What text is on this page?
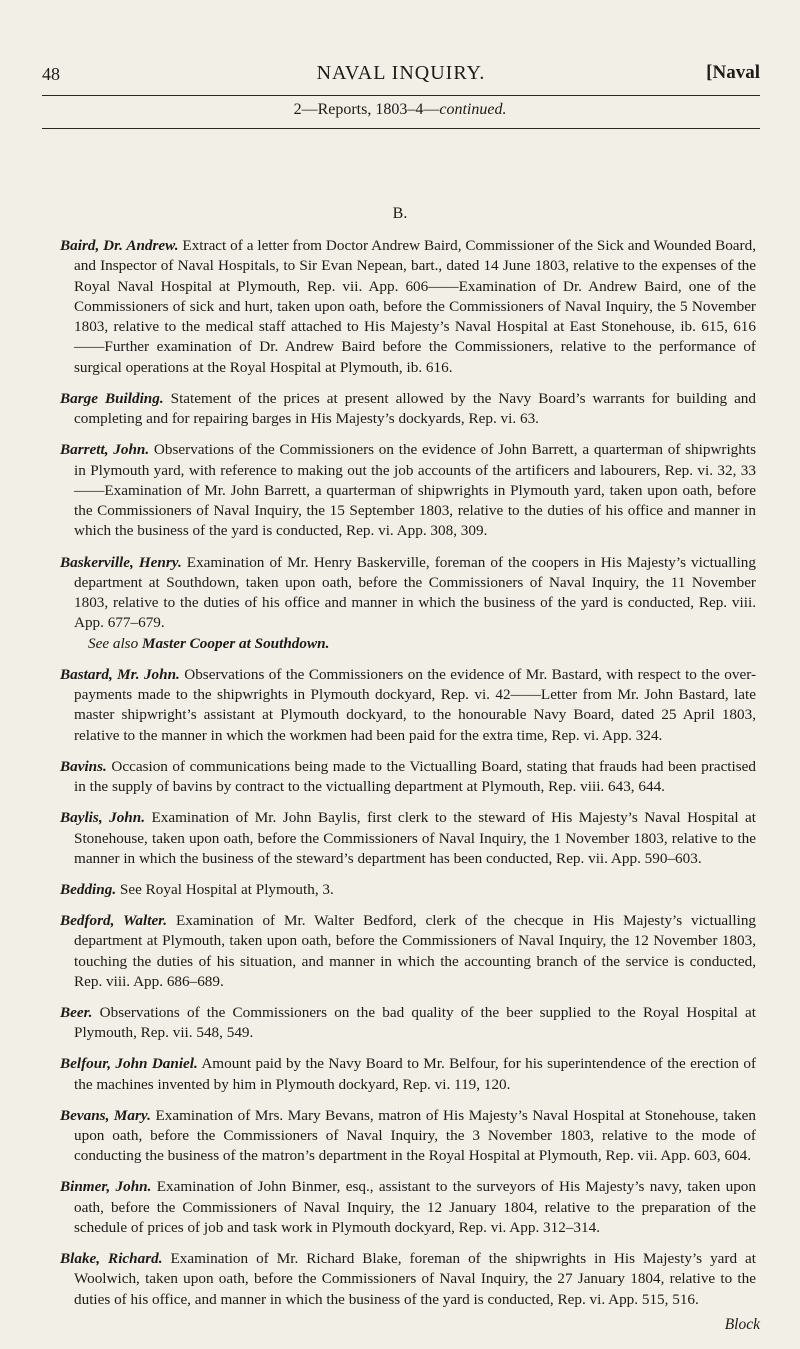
48	NAVAL INQUIRY.	[Naval
2—Reports, 1803–4—continued.
B.

Baird, Dr. Andrew. Extract of a letter from Doctor Andrew Baird, Commissioner of the Sick and Wounded Board, and Inspector of Naval Hospitals, to Sir Evan Nepean, bart., dated 14 June 1803, relative to the expenses of the Royal Naval Hospital at Plymouth, Rep. vii. App. 606——Examination of Dr. Andrew Baird, one of the Commissioners of sick and hurt, taken upon oath, before the Commissioners of Naval Inquiry, the 5 November 1803, relative to the medical staff attached to His Majesty’s Naval Hospital at East Stonehouse, ib. 615, 616——Further examination of Dr. Andrew Baird before the Commissioners, relative to the performance of surgical operations at the Royal Hospital at Plymouth, ib. 616.

Barge Building. Statement of the prices at present allowed by the Navy Board’s warrants for building and completing and for repairing barges in His Majesty’s dockyards, Rep. vi. 63.

Barrett, John. Observations of the Commissioners on the evidence of John Barrett, a quarterman of shipwrights in Plymouth yard, with reference to making out the job accounts of the artificers and labourers, Rep. vi. 32, 33——Examination of Mr. John Barrett, a quarterman of shipwrights in Plymouth yard, taken upon oath, before the Commissioners of Naval Inquiry, the 15 September 1803, relative to the duties of his office and manner in which the business of the yard is conducted, Rep. vi. App. 308, 309.

Baskerville, Henry. Examination of Mr. Henry Baskerville, foreman of the coopers in His Majesty’s victualling department at Southdown, taken upon oath, before the Commissioners of Naval Inquiry, the 11 November 1803, relative to the duties of his office and manner in which the business of the yard is conducted, Rep. viii. App. 677–679.
See also Master Cooper at Southdown.

Bastard, Mr. John. Observations of the Commissioners on the evidence of Mr. Bastard, with respect to the over-payments made to the shipwrights in Plymouth dockyard, Rep. vi. 42——Letter from Mr. John Bastard, late master shipwright’s assistant at Plymouth dockyard, to the honourable Navy Board, dated 25 April 1803, relative to the manner in which the workmen had been paid for the extra time, Rep. vi. App. 324.

Bavins. Occasion of communications being made to the Victualling Board, stating that frauds had been practised in the supply of bavins by contract to the victualling department at Plymouth, Rep. viii. 643, 644.

Baylis, John. Examination of Mr. John Baylis, first clerk to the steward of His Majesty’s Naval Hospital at Stonehouse, taken upon oath, before the Commissioners of Naval Inquiry, the 1 November 1803, relative to the manner in which the business of the steward’s department has been conducted, Rep. vii. App. 590–603.

Bedding. See Royal Hospital at Plymouth, 3.

Bedford, Walter. Examination of Mr. Walter Bedford, clerk of the checque in His Majesty’s victualling department at Plymouth, taken upon oath, before the Commissioners of Naval Inquiry, the 12 November 1803, touching the duties of his situation, and manner in which the accounting branch of the service is conducted, Rep. viii. App. 686–689.

Beer. Observations of the Commissioners on the bad quality of the beer supplied to the Royal Hospital at Plymouth, Rep. vii. 548, 549.

Belfour, John Daniel. Amount paid by the Navy Board to Mr. Belfour, for his superintendence of the erection of the machines invented by him in Plymouth dockyard, Rep. vi. 119, 120.

Bevans, Mary. Examination of Mrs. Mary Bevans, matron of His Majesty’s Naval Hospital at Stonehouse, taken upon oath, before the Commissioners of Naval Inquiry, the 3 November 1803, relative to the mode of conducting the business of the matron’s department in the Royal Hospital at Plymouth, Rep. vii. App. 603, 604.

Binmer, John. Examination of John Binmer, esq., assistant to the surveyors of His Majesty’s navy, taken upon oath, before the Commissioners of Naval Inquiry, the 12 January 1804, relative to the preparation of the schedule of prices of job and task work in Plymouth dockyard, Rep. vi. App. 312–314.

Blake, Richard. Examination of Mr. Richard Blake, foreman of the shipwrights in His Majesty’s yard at Woolwich, taken upon oath, before the Commissioners of Naval Inquiry, the 27 January 1804, relative to the duties of his office, and manner in which the business of the yard is conducted, Rep. vi. App. 515, 516.

Block
